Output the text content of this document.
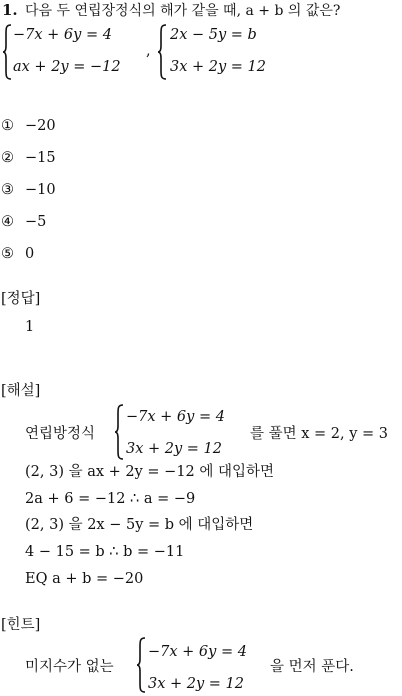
1. 다음 두 연립장정식의 해가 같을 때, a + b 의 값은?
−7x + 6y = 4
ax + 2y = −12
,
2x − 5y = b
3x + 2y = 12
① −20
② −15
③ −10
④ −5
⑤ 0
[정답]
1
[해설]
연립방정식
−7x + 6y = 4
3x + 2y = 12
를 풀면 x = 2, y = 3
(2, 3) 을 ax + 2y = −12 에 대입하면
2a + 6 = −12 ∴ a = −9
(2, 3) 을 2x − 5y = b 에 대입하면
4 − 15 = b ∴ b = −11
EQ a + b = −20
[힌트]
미지수가 없는
−7x + 6y = 4
3x + 2y = 12
을 먼저 푼다.
